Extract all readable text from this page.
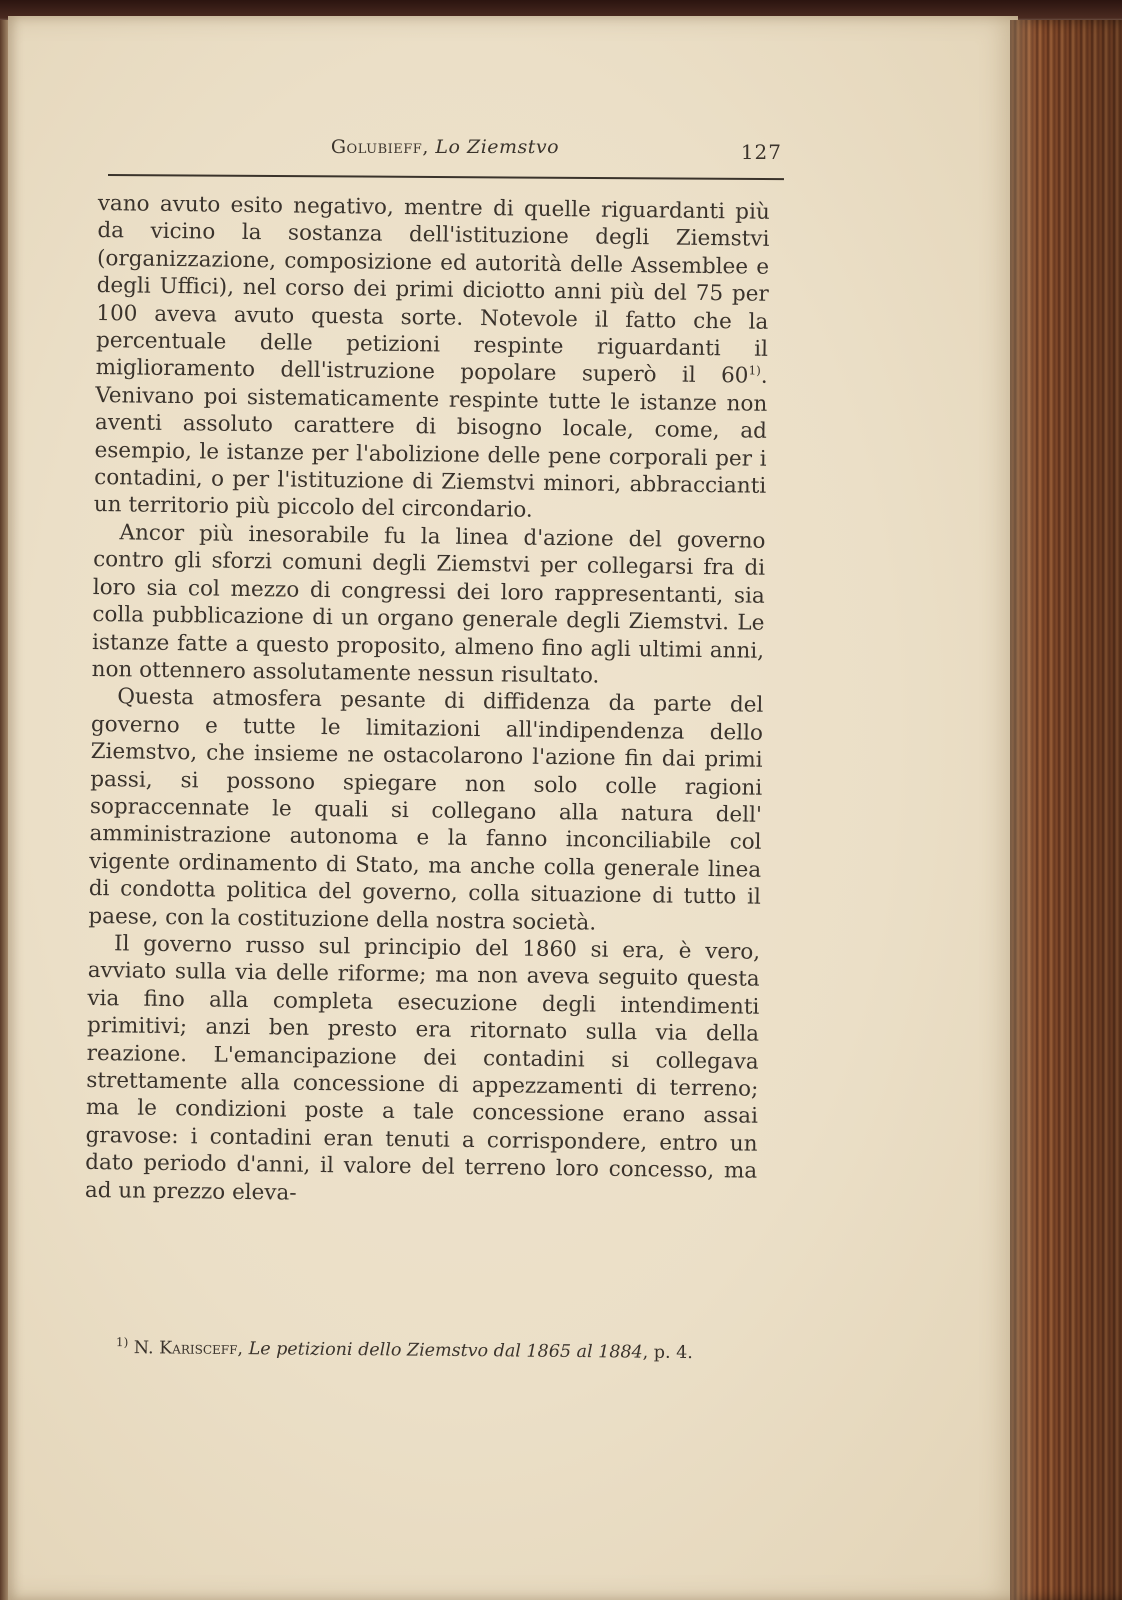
Golubieff, Lo Ziemstvo	127

vano avuto esito negativo, mentre di quelle riguardanti più da vicino la sostanza dell'istituzione degli Ziemstvi (organizzazione, composizione ed autorità delle Assemblee e degli Uffici), nel corso dei primi diciotto anni più del 75 per 100 aveva avuto questa sorte. Notevole il fatto che la percentuale delle petizioni respinte riguardanti il miglioramento dell'istruzione popolare superò il 60$^{1)}$. Venivano poi sistematicamente respinte tutte le istanze non aventi assoluto carattere di bisogno locale, come, ad esempio, le istanze per l'abolizione delle pene corporali per i contadini, o per l'istituzione di Ziemstvi minori, abbraccianti un territorio più piccolo del circondario.

Ancor più inesorabile fu la linea d'azione del governo contro gli sforzi comuni degli Ziemstvi per collegarsi fra di loro sia col mezzo di congressi dei loro rappresentanti, sia colla pubblicazione di un organo generale degli Ziemstvi. Le istanze fatte a questo proposito, almeno fino agli ultimi anni, non ottennero assolutamente nessun risultato.

Questa atmosfera pesante di diffidenza da parte del governo e tutte le limitazioni all'indipendenza dello Ziemstvo, che insieme ne ostacolarono l'azione fin dai primi passi, si possono spiegare non solo colle ragioni sopraccennate le quali si collegano alla natura dell' amministrazione autonoma e la fanno inconciliabile col vigente ordinamento di Stato, ma anche colla generale linea di condotta politica del governo, colla situazione di tutto il paese, con la costituzione della nostra società.

Il governo russo sul principio del 1860 si era, è vero, avviato sulla via delle riforme; ma non aveva seguito questa via fino alla completa esecuzione degli intendimenti primitivi; anzi ben presto era ritornato sulla via della reazione. L'emancipazione dei contadini si collegava strettamente alla concessione di appezzamenti di terreno; ma le condizioni poste a tale concessione erano assai gravose: i contadini eran tenuti a corrispondere, entro un dato periodo d'anni, il valore del terreno loro concesso, ma ad un prezzo eleva-

$^{1)}$ N. Kariscеff, Le petizioni dello Ziemstvo dal 1865 al 1884, p. 4.
